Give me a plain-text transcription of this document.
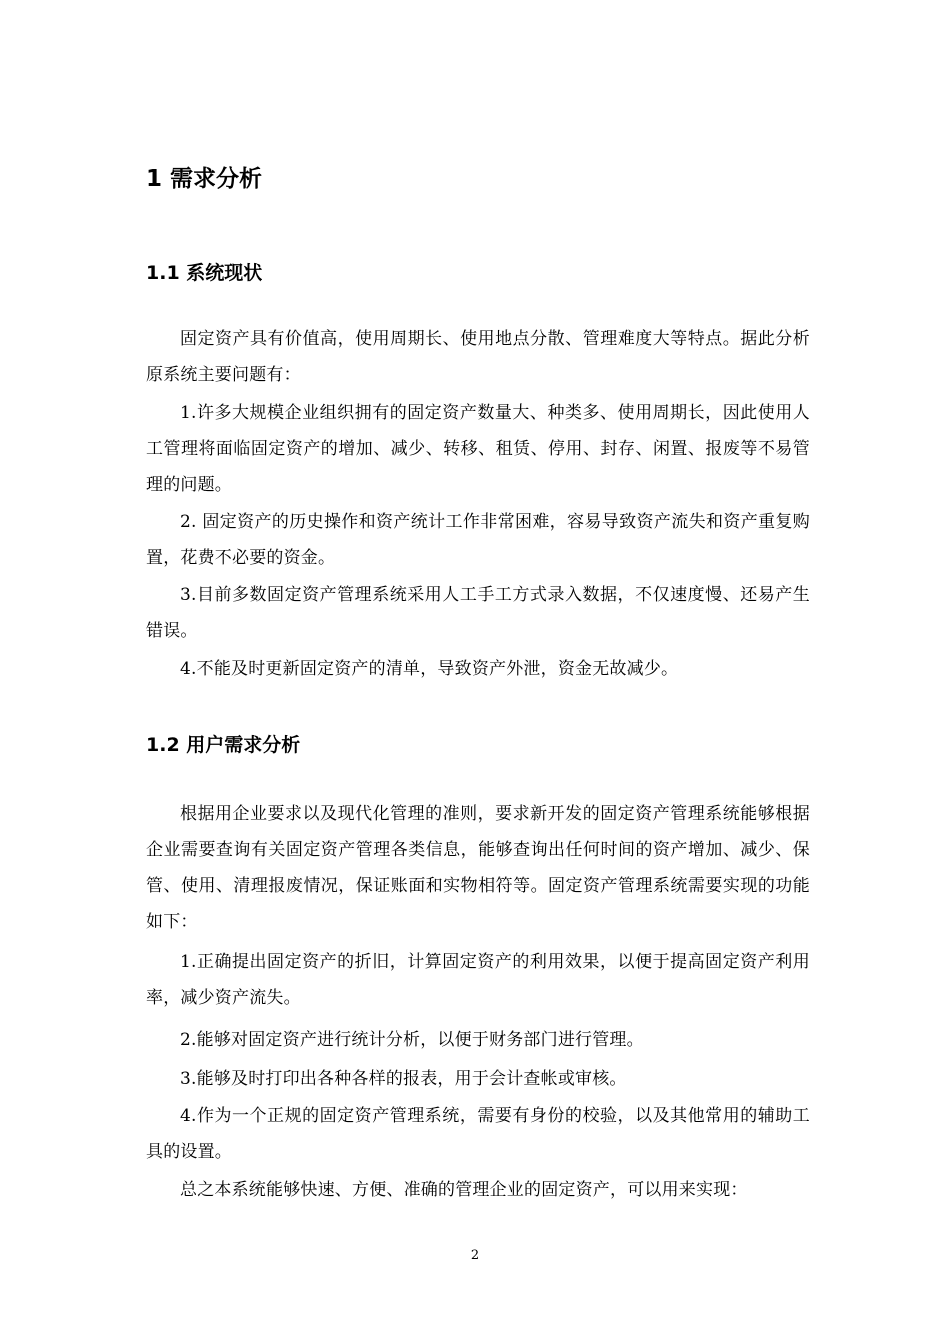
1 需求分析
1.1 系统现状

固定资产具有价值高，使用周期长、使用地点分散、管理难度大等特点。据此分析原系统主要问题有：

1.许多大规模企业组织拥有的固定资产数量大、种类多、使用周期长，因此使用人工管理将面临固定资产的增加、减少、转移、租赁、停用、封存、闲置、报废等不易管理的问题。

2. 固定资产的历史操作和资产统计工作非常困难，容易导致资产流失和资产重复购置，花费不必要的资金。

3.目前多数固定资产管理系统采用人工手工方式录入数据，不仅速度慢、还易产生错误。

4.不能及时更新固定资产的清单，导致资产外泄，资金无故减少。

1.2 用户需求分析

根据用企业要求以及现代化管理的准则，要求新开发的固定资产管理系统能够根据企业需要查询有关固定资产管理各类信息，能够查询出任何时间的资产增加、减少、保管、使用、清理报废情况，保证账面和实物相符等。固定资产管理系统需要实现的功能如下：

1.正确提出固定资产的折旧，计算固定资产的利用效果，以便于提高固定资产利用率，减少资产流失。

2.能够对固定资产进行统计分析，以便于财务部门进行管理。

3.能够及时打印出各种各样的报表，用于会计查帐或审核。

4.作为一个正规的固定资产管理系统，需要有身份的校验，以及其他常用的辅助工具的设置。

总之本系统能够快速、方便、准确的管理企业的固定资产，可以用来实现：

2
